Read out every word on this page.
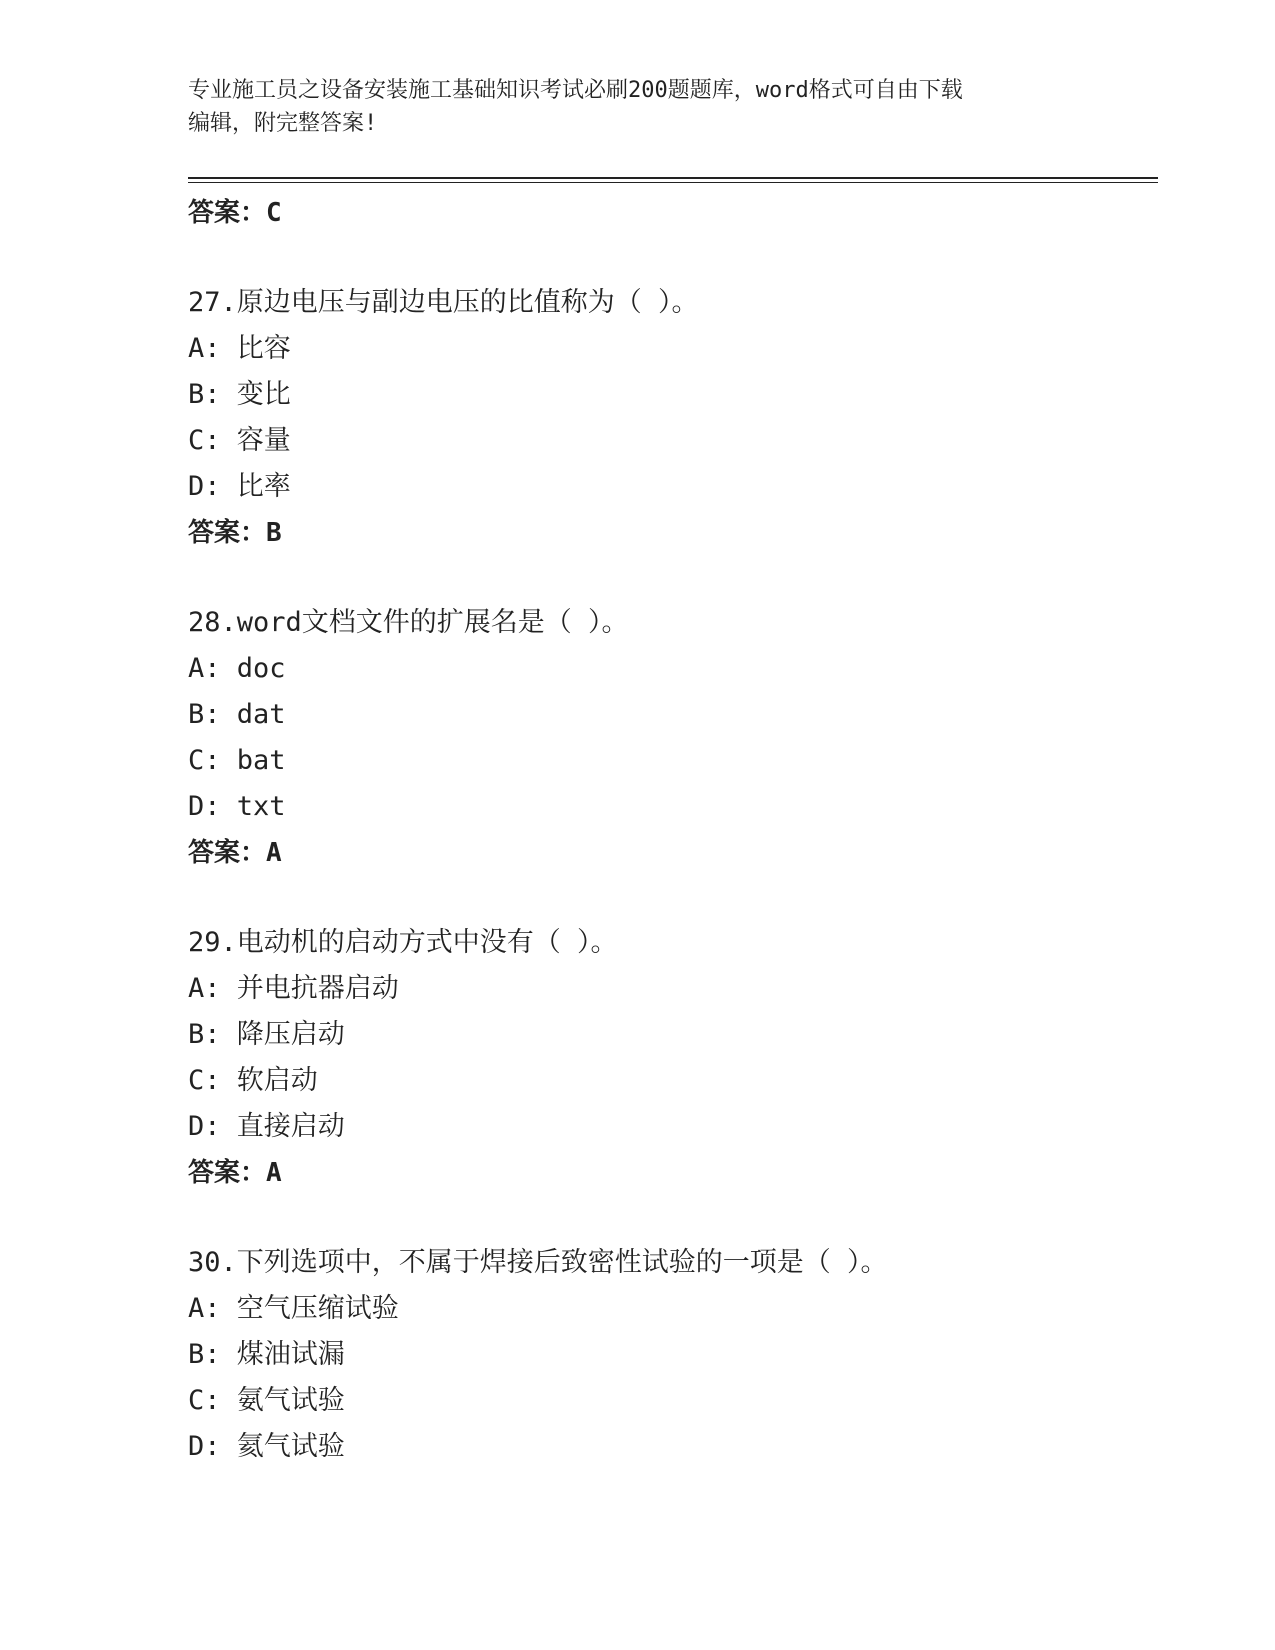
专业施工员之设备安装施工基础知识考试必刷200题题库，word格式可自由下载
编辑，附完整答案!
答案：C
27.原边电压与副边电压的比值称为（ ）。
A: 比容
B: 变比
C: 容量
D: 比率
答案：B
28.word文档文件的扩展名是（ ）。
A: doc
B: dat
C: bat
D: txt
答案：A
29.电动机的启动方式中没有（ ）。
A: 并电抗器启动
B: 降压启动
C: 软启动
D: 直接启动
答案：A
30.下列选项中，不属于焊接后致密性试验的一项是（ ）。
A: 空气压缩试验
B: 煤油试漏
C: 氨气试验
D: 氦气试验
